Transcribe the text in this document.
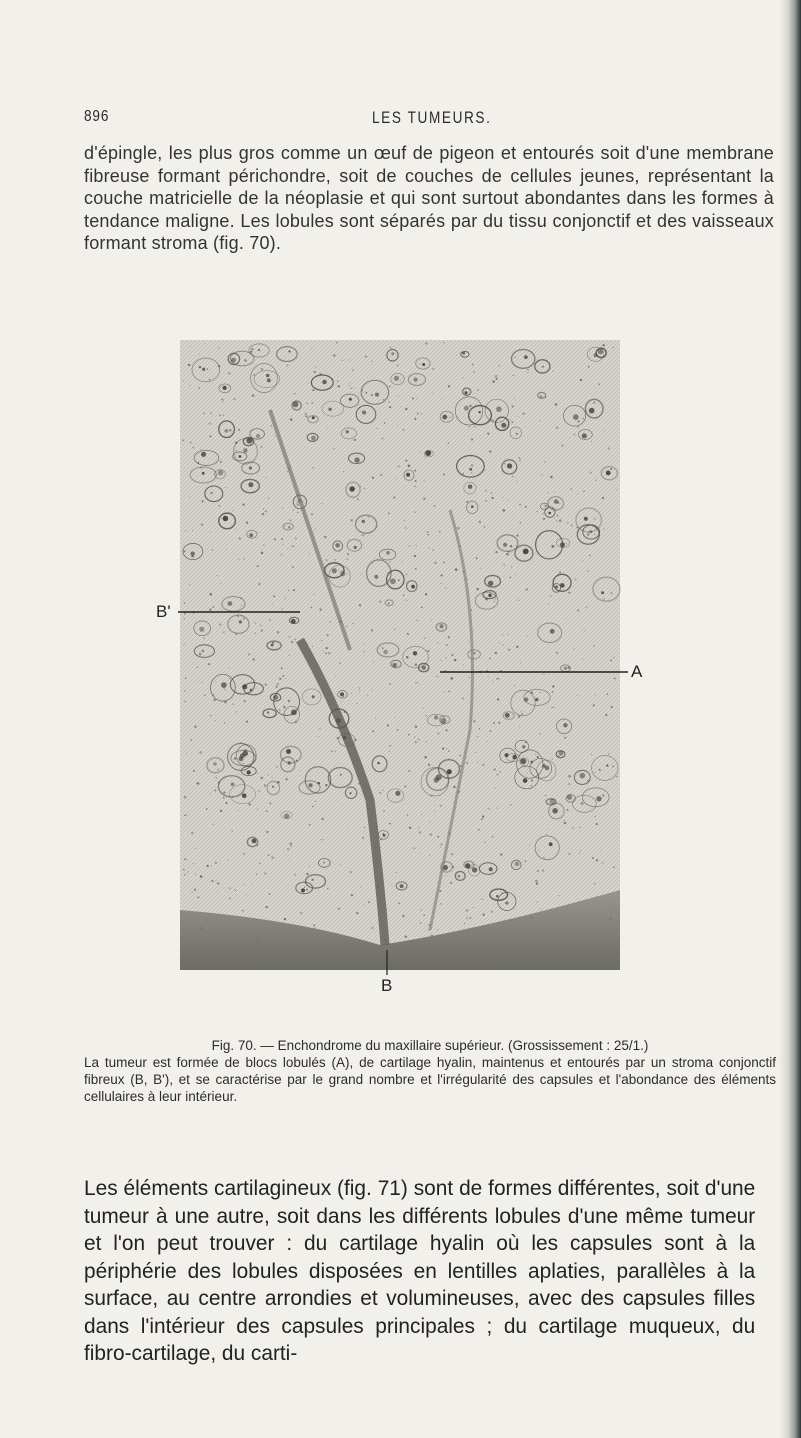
896	LES TUMEURS.

d'épingle, les plus gros comme un œuf de pigeon et entourés soit d'une membrane fibreuse formant périchondre, soit de couches de cellules jeunes, représentant la couche matricielle de la néoplasie et qui sont surtout abondantes dans les formes à tendance maligne. Les lobules sont séparés par du tissu conjonctif et des vaisseaux formant stroma (fig. 70).

B'
A
B
Fig. 70. — Enchondrome du maxillaire supérieur. (Grossissement : 25/1.)
La tumeur est formée de blocs lobulés (A), de cartilage hyalin, maintenus et entourés par un stroma conjonctif fibreux (B, B'), et se caractérise par le grand nombre et l'irrégularité des capsules et l'abondance des éléments cellulaires à leur intérieur.

Les éléments cartilagineux (fig. 71) sont de formes différentes, soit d'une tumeur à une autre, soit dans les différents lobules d'une même tumeur et l'on peut trouver : du cartilage hyalin où les capsules sont à la périphérie des lobules disposées en lentilles aplaties, parallèles à la surface, au centre arrondies et volumineuses, avec des capsules filles dans l'intérieur des capsules principales ; du cartilage muqueux, du fibro-cartilage, du carti-
